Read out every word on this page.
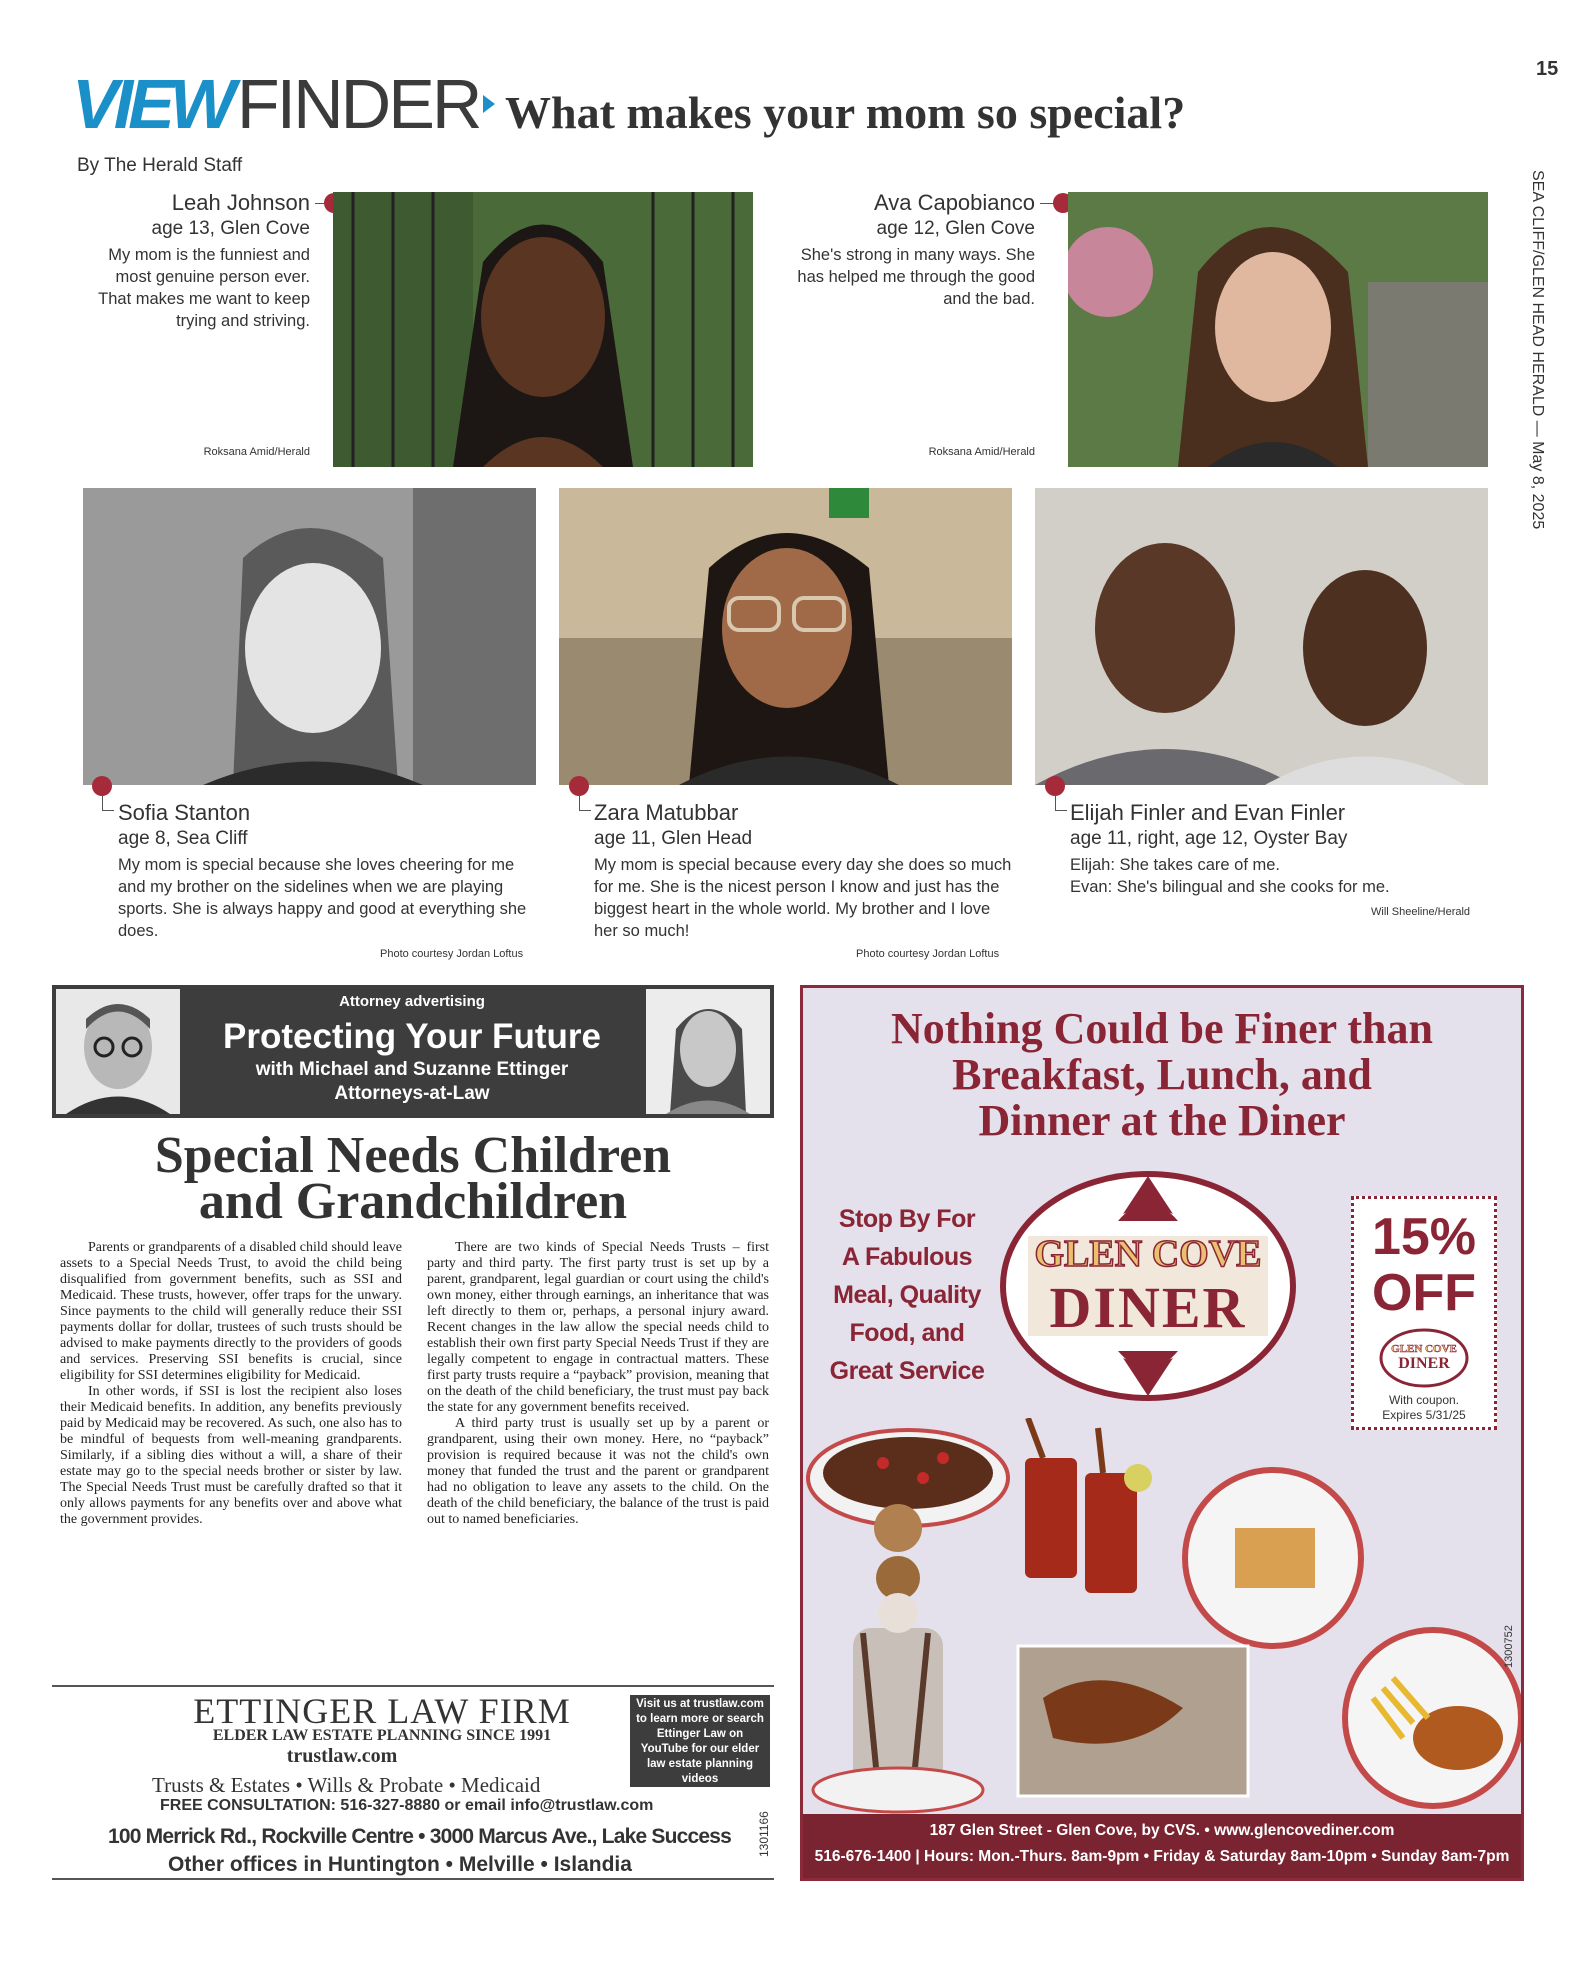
15
SEA CLIFF/GLEN HEAD HERALD — May 8, 2025
VIEW FINDER What makes your mom so special?
By The Herald Staff
Leah Johnson
age 13, Glen Cove
My mom is the funniest and most genuine person ever. That makes me want to keep trying and striving.
Roksana Amid/Herald
Ava Capobianco
age 12, Glen Cove
She's strong in many ways. She has helped me through the good and the bad.
Roksana Amid/Herald
Sofia Stanton
age 8, Sea Cliff
My mom is special because she loves cheering for me and my brother on the sidelines when we are playing sports. She is always happy and good at everything she does.
Photo courtesy Jordan Loftus
Zara Matubbar
age 11, Glen Head
My mom is special because every day she does so much for me. She is the nicest person I know and just has the biggest heart in the whole world. My brother and I love her so much!
Photo courtesy Jordan Loftus
Elijah Finler and Evan Finler
age 11, right, age 12, Oyster Bay
Elijah: She takes care of me.
Evan: She's bilingual and she cooks for me.
Will Sheeline/Herald
Attorney advertising
Protecting Your Future
with Michael and Suzanne Ettinger
Attorneys-at-Law
Special Needs Children
and Grandchildren

Parents or grandparents of a disabled child should leave assets to a Special Needs Trust, to avoid the child being disqualified from government benefits, such as SSI and Medicaid. These trusts, however, offer traps for the unwary. Since payments to the child will generally reduce their SSI payments dollar for dollar, trustees of such trusts should be advised to make payments directly to the providers of goods and services. Preserving SSI benefits is crucial, since eligibility for SSI determines eligibility for Medicaid.

In other words, if SSI is lost the recipient also loses their Medicaid benefits. In addition, any benefits previously paid by Medicaid may be recovered. As such, one also has to be mindful of bequests from well-meaning grandparents. Similarly, if a sibling dies without a will, a share of their estate may go to the special needs brother or sister by law. The Special Needs Trust must be carefully drafted so that it only allows payments for any benefits over and above what the government provides.

There are two kinds of Special Needs Trusts – first party and third party. The first party trust is set up by a parent, grandparent, legal guardian or court using the child's own money, either through earnings, an inheritance that was left directly to them or, perhaps, a personal injury award. Recent changes in the law allow the special needs child to establish their own first party Special Needs Trust if they are legally competent to engage in contractual matters. These first party trusts require a “payback” provision, meaning that on the death of the child beneficiary, the trust must pay back the state for any government benefits received.

A third party trust is usually set up by a parent or grandparent, using their own money. Here, no “payback” provision is required because it was not the child's own money that funded the trust and the parent or grandparent had no obligation to leave any assets to the child. On the death of the child beneficiary, the balance of the trust is paid out to named beneficiaries.

ETTINGER LAW FIRM
ELDER LAW ESTATE PLANNING SINCE 1991
trustlaw.com
Trusts & Estates • Wills & Probate • Medicaid
Visit us at trustlaw.com to learn more or search Ettinger Law on YouTube for our elder law estate planning videos
FREE CONSULTATION: 516-327-8880 or email info@trustlaw.com
100 Merrick Rd., Rockville Centre • 3000 Marcus Ave., Lake Success
Other offices in Huntington • Melville • Islandia
1301166
Nothing Could be Finer than
Breakfast, Lunch, and
Dinner at the Diner
Stop By For
A Fabulous
Meal, Quality
Food, and
Great Service
GLEN COVE
DINER
15%
OFF
GLEN COVE
DINER
With coupon.
Expires 5/31/25
1300752
187 Glen Street - Glen Cove, by CVS. • www.glencovediner.com
516-676-1400 | Hours: Mon.-Thurs. 8am-9pm • Friday & Saturday 8am-10pm • Sunday 8am-7pm
